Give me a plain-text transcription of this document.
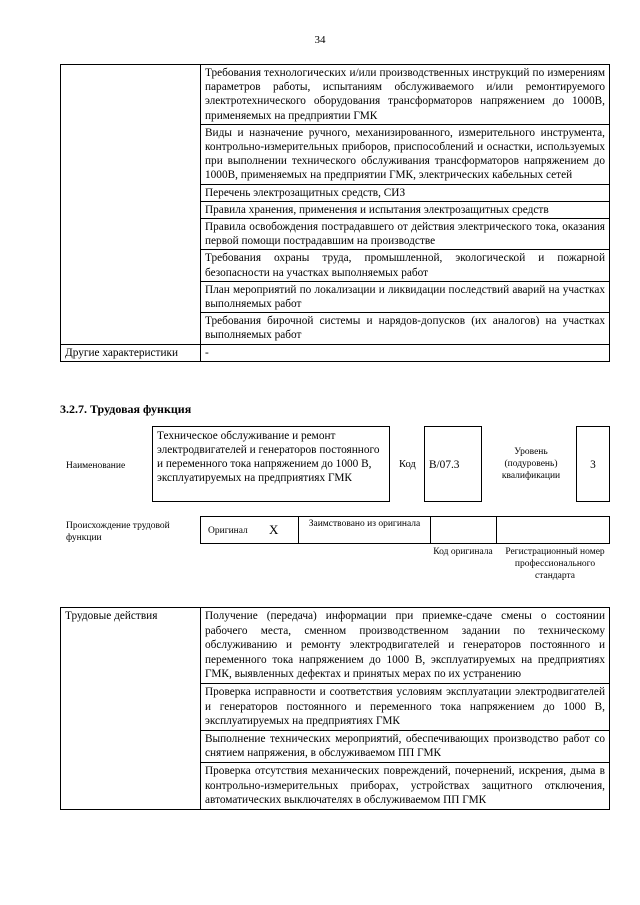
34
	Требования технологических и/или производственных инструкций по измерениям параметров работы, испытаниям обслуживаемого и/или ремонтируемого электротехнического оборудования трансформаторов напряжением до 1000В, применяемых на предприятии ГМК
	Виды и назначение ручного, механизированного, измерительного инструмента, контрольно-измерительных приборов, приспособлений и оснастки, используемых при выполнении технического обслуживания трансформаторов напряжением до 1000В, применяемых на предприятии ГМК, электрических кабельных сетей
	Перечень электрозащитных средств, СИЗ
	Правила хранения, применения и испытания электрозащитных средств
	Правила освобождения пострадавшего от действия электрического тока, оказания первой помощи пострадавшим на производстве
	Требования охраны труда, промышленной, экологической и пожарной безопасности на участках выполняемых работ
	План мероприятий по локализации и ликвидации последствий аварий на участках выполняемых работ
	Требования бирочной системы и нарядов-допусков (их аналогов) на участках выполняемых работ
Другие характеристики	-
3.2.7. Трудовая функция
Наименование
Техническое обслуживание и ремонт электродвигателей и генераторов постоянного и переменного тока напряжением до 1000 В, эксплуатируемых на предприятиях ГМК
Код	B/07.3
Уровень (подуровень) квалификации
3
Происхождение трудовой функции
Оригинал X	Заимствовано из оригинала
Код оригинала	Регистрационный номер профессионального стандарта
Трудовые действия	Получение (передача) информации при приемке-сдаче смены о состоянии рабочего места, сменном производственном задании по техническому обслуживанию и ремонту электродвигателей и генераторов постоянного и переменного тока напряжением до 1000 В, эксплуатируемых на предприятиях ГМК, выявленных дефектах и принятых мерах по их устранению
Проверка исправности и соответствия условиям эксплуатации электродвигателей и генераторов постоянного и переменного тока напряжением до 1000 В, эксплуатируемых на предприятиях ГМК
Выполнение технических мероприятий, обеспечивающих производство работ со снятием напряжения, в обслуживаемом ПП ГМК
Проверка отсутствия механических повреждений, почернений, искрения, дыма в контрольно-измерительных приборах, устройствах защитного отключения, автоматических выключателях в обслуживаемом ПП ГМК
